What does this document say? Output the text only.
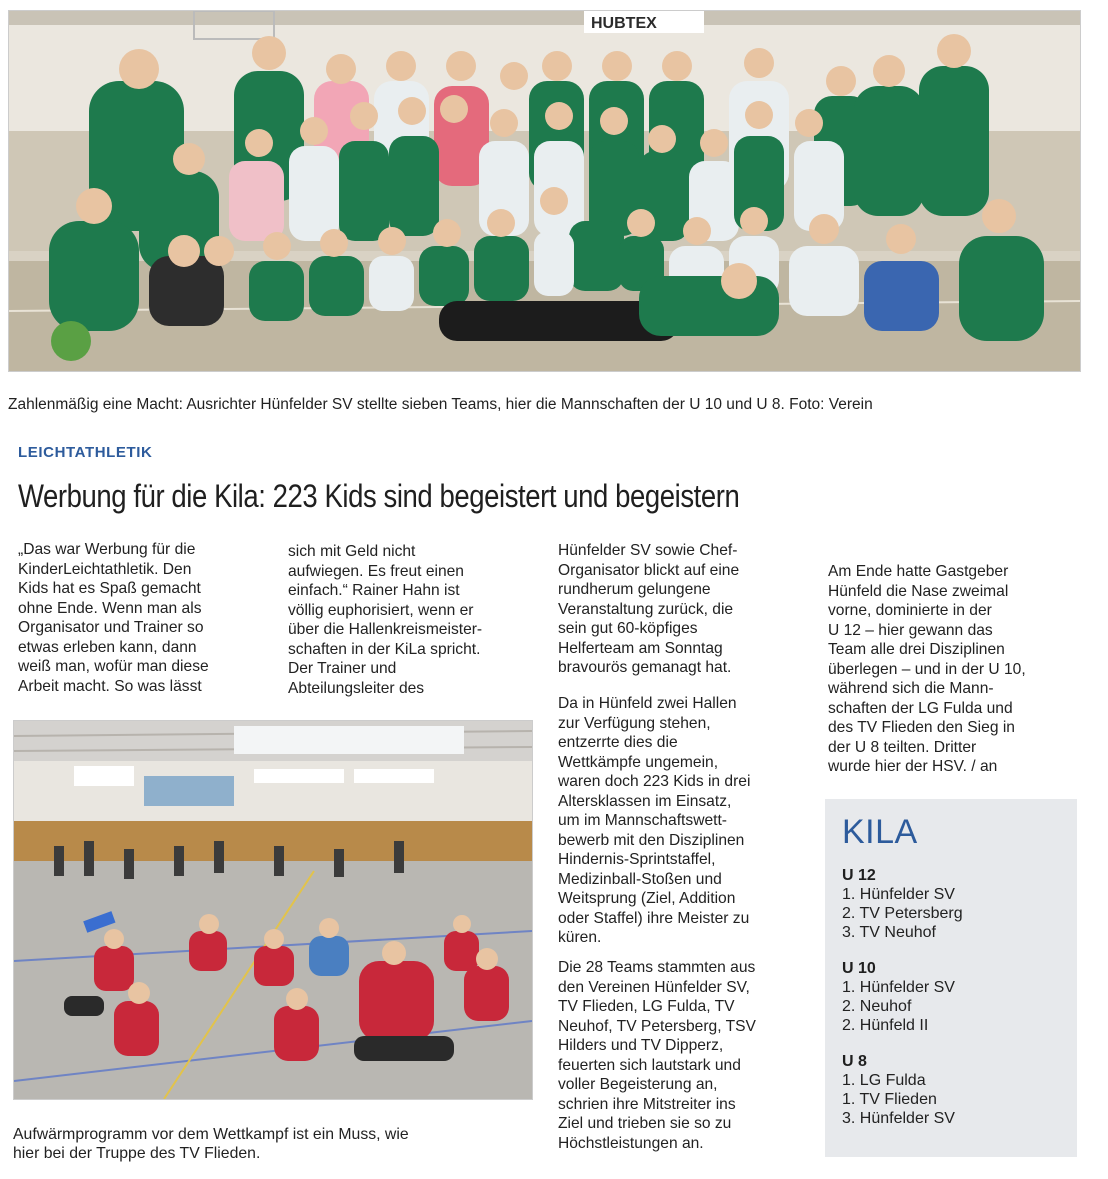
HUBTEX
Zahlenmäßig eine Macht: Ausrichter Hünfelder SV stellte sieben Teams, hier die Mannschaften der U 10 und U 8. Foto: Verein
LEICHTATHLETIK
Werbung für die Kila: 223 Kids sind begeistert und begeistern

„Das war Werbung für die
KinderLeichtathletik. Den
Kids hat es Spaß gemacht
ohne Ende. Wenn man als
Organisator und Trainer so
etwas erleben kann, dann
weiß man, wofür man diese
Arbeit macht. So was lässt

sich mit Geld nicht
aufwiegen. Es freut einen
einfach.“ Rainer Hahn ist
völlig euphorisiert, wenn er
über die Hallenkreismeister-
schaften in der KiLa spricht.
Der Trainer und
Abteilungsleiter des

Hünfelder SV sowie Chef-
Organisator blickt auf eine
rundherum gelungene
Veranstaltung zurück, die
sein gut 60-köpfiges
Helferteam am Sonntag
bravourös gemanagt hat.

Da in Hünfeld zwei Hallen
zur Verfügung stehen,
entzerrte dies die
Wettkämpfe ungemein,
waren doch 223 Kids in drei
Altersklassen im Einsatz,
um im Mannschaftswett-
bewerb mit den Disziplinen
Hindernis-Sprintstaffel,
Medizinball-Stoßen und
Weitsprung (Ziel, Addition
oder Staffel) ihre Meister zu
küren.

Die 28 Teams stammten aus
den Vereinen Hünfelder SV,
TV Flieden, LG Fulda, TV
Neuhof, TV Petersberg, TSV
Hilders und TV Dipperz,
feuerten sich lautstark und
voller Begeisterung an,
schrien ihre Mitstreiter ins
Ziel und trieben sie so zu
Höchstleistungen an.

Am Ende hatte Gastgeber
Hünfeld die Nase zweimal
vorne, dominierte in der
U 12 – hier gewann das
Team alle drei Disziplinen
überlegen – und in der U 10,
während sich die Mann-
schaften der LG Fulda und
des TV Flieden den Sieg in
der U 8 teilten. Dritter
wurde hier der HSV. / an

Aufwärmprogramm vor dem Wettkampf ist ein Muss, wie
hier bei der Truppe des TV Flieden.
KILA
U 12
1. Hünfelder SV
2. TV Petersberg
3. TV Neuhof
U 10
1. Hünfelder SV
2. Neuhof
2. Hünfeld II
U 8
1. LG Fulda
1. TV Flieden
3. Hünfelder SV
